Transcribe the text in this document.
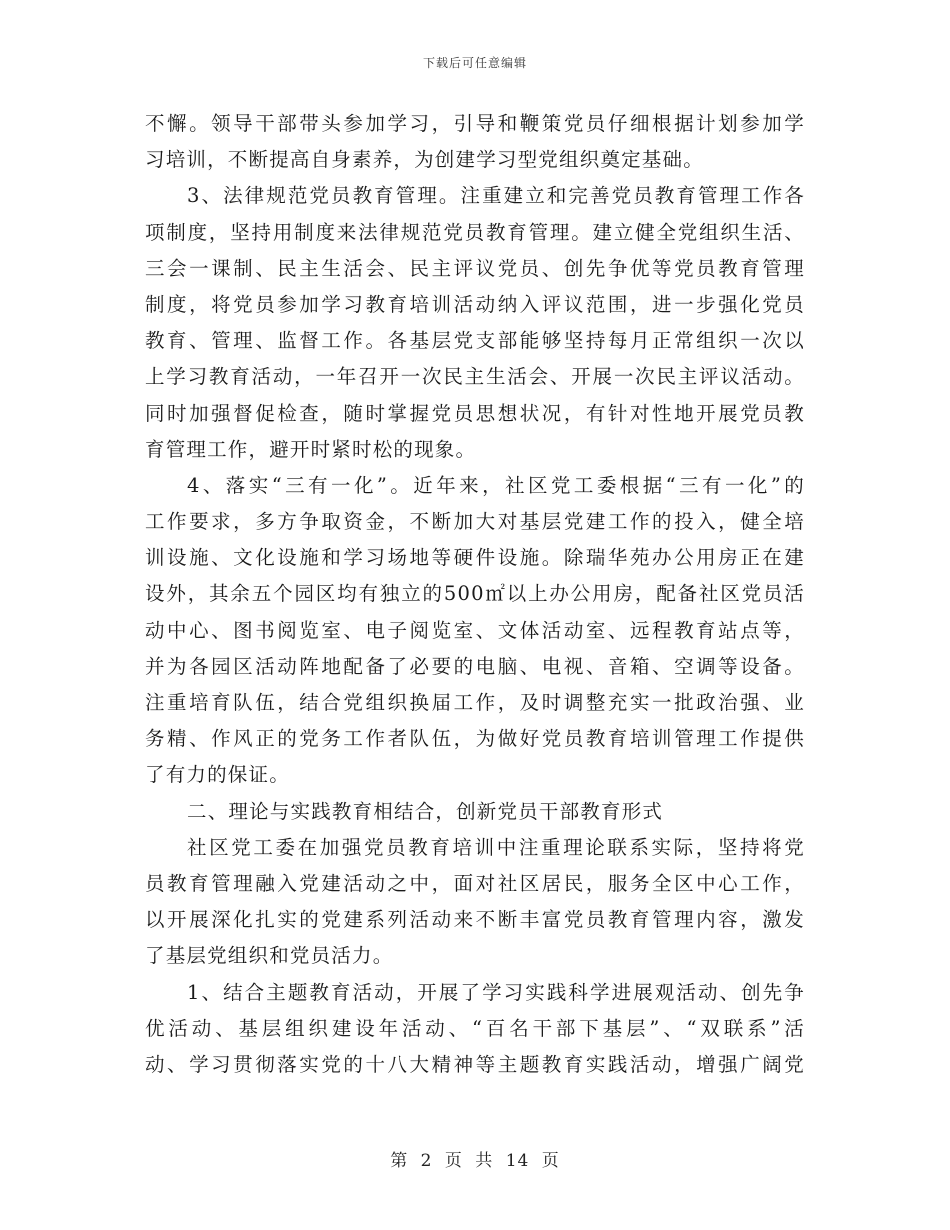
下载后可任意编辑
不懈。领导干部带头参加学习，引导和鞭策党员仔细根据计划参加学
习培训，不断提高自身素养，为创建学习型党组织奠定基础。
3、法律规范党员教育管理。注重建立和完善党员教育管理工作各
项制度，坚持用制度来法律规范党员教育管理。建立健全党组织生活、
三会一课制、民主生活会、民主评议党员、创先争优等党员教育管理
制度，将党员参加学习教育培训活动纳入评议范围，进一步强化党员
教育、管理、监督工作。各基层党支部能够坚持每月正常组织一次以
上学习教育活动，一年召开一次民主生活会、开展一次民主评议活动。
同时加强督促检查，随时掌握党员思想状况，有针对性地开展党员教
育管理工作，避开时紧时松的现象。
4、落实“三有一化”。近年来，社区党工委根据“三有一化”的
工作要求，多方争取资金，不断加大对基层党建工作的投入，健全培
训设施、文化设施和学习场地等硬件设施。除瑞华苑办公用房正在建
设外，其余五个园区均有独立的500㎡以上办公用房，配备社区党员活
动中心、图书阅览室、电子阅览室、文体活动室、远程教育站点等，
并为各园区活动阵地配备了必要的电脑、电视、音箱、空调等设备。
注重培育队伍，结合党组织换届工作，及时调整充实一批政治强、业
务精、作风正的党务工作者队伍，为做好党员教育培训管理工作提供
了有力的保证。
二、理论与实践教育相结合，创新党员干部教育形式
社区党工委在加强党员教育培训中注重理论联系实际，坚持将党
员教育管理融入党建活动之中，面对社区居民，服务全区中心工作，
以开展深化扎实的党建系列活动来不断丰富党员教育管理内容，激发
了基层党组织和党员活力。
1、结合主题教育活动，开展了学习实践科学进展观活动、创先争
优活动、基层组织建设年活动、“百名干部下基层”、“双联系”活
动、学习贯彻落实党的十八大精神等主题教育实践活动，增强广阔党
第 2 页 共 14 页
